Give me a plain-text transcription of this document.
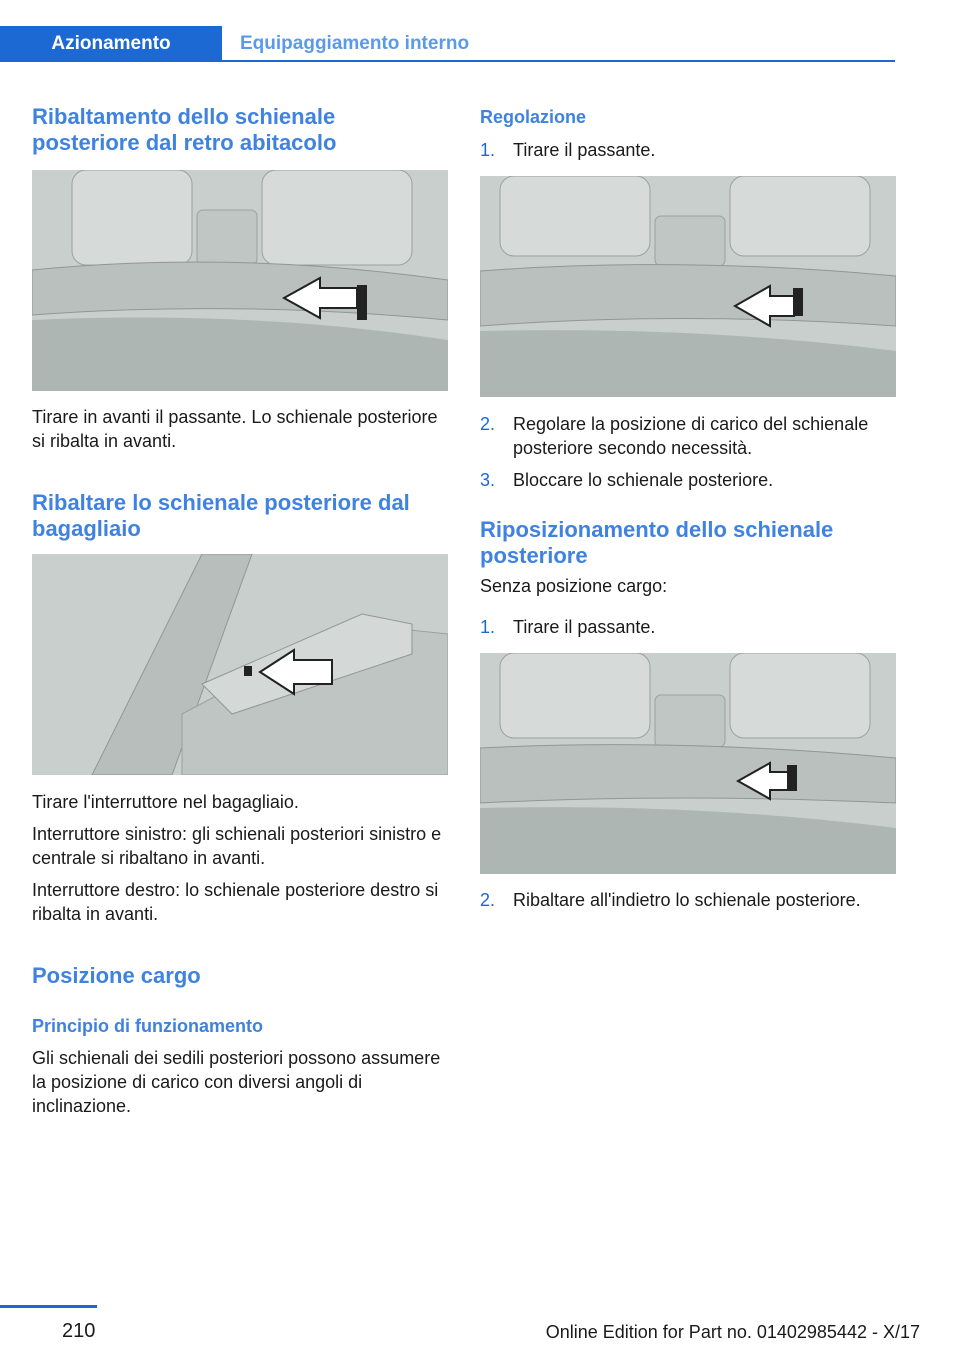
Azionamento	Equipaggiamento interno
Ribaltamento dello schienale posteriore dal retro abitacolo
Tirare in avanti il passante. Lo schienale posteriore si ribalta in avanti.
Ribaltare lo schienale posteriore dal bagagliaio
Tirare l'interruttore nel bagagliaio.
Interruttore sinistro: gli schienali posteriori sinistro e centrale si ribaltano in avanti.
Interruttore destro: lo schienale posteriore destro si ribalta in avanti.
Posizione cargo
Principio di funzionamento
Gli schienali dei sedili posteriori possono assumere la posizione di carico con diversi angoli di inclinazione.
Regolazione
1. Tirare il passante.
2. Regolare la posizione di carico del schienale posteriore secondo necessità.
3. Bloccare lo schienale posteriore.
Riposizionamento dello schienale posteriore
Senza posizione cargo:
1. Tirare il passante.
2. Ribaltare all'indietro lo schienale posteriore.
210	Online Edition for Part no. 01402985442 - X/17
